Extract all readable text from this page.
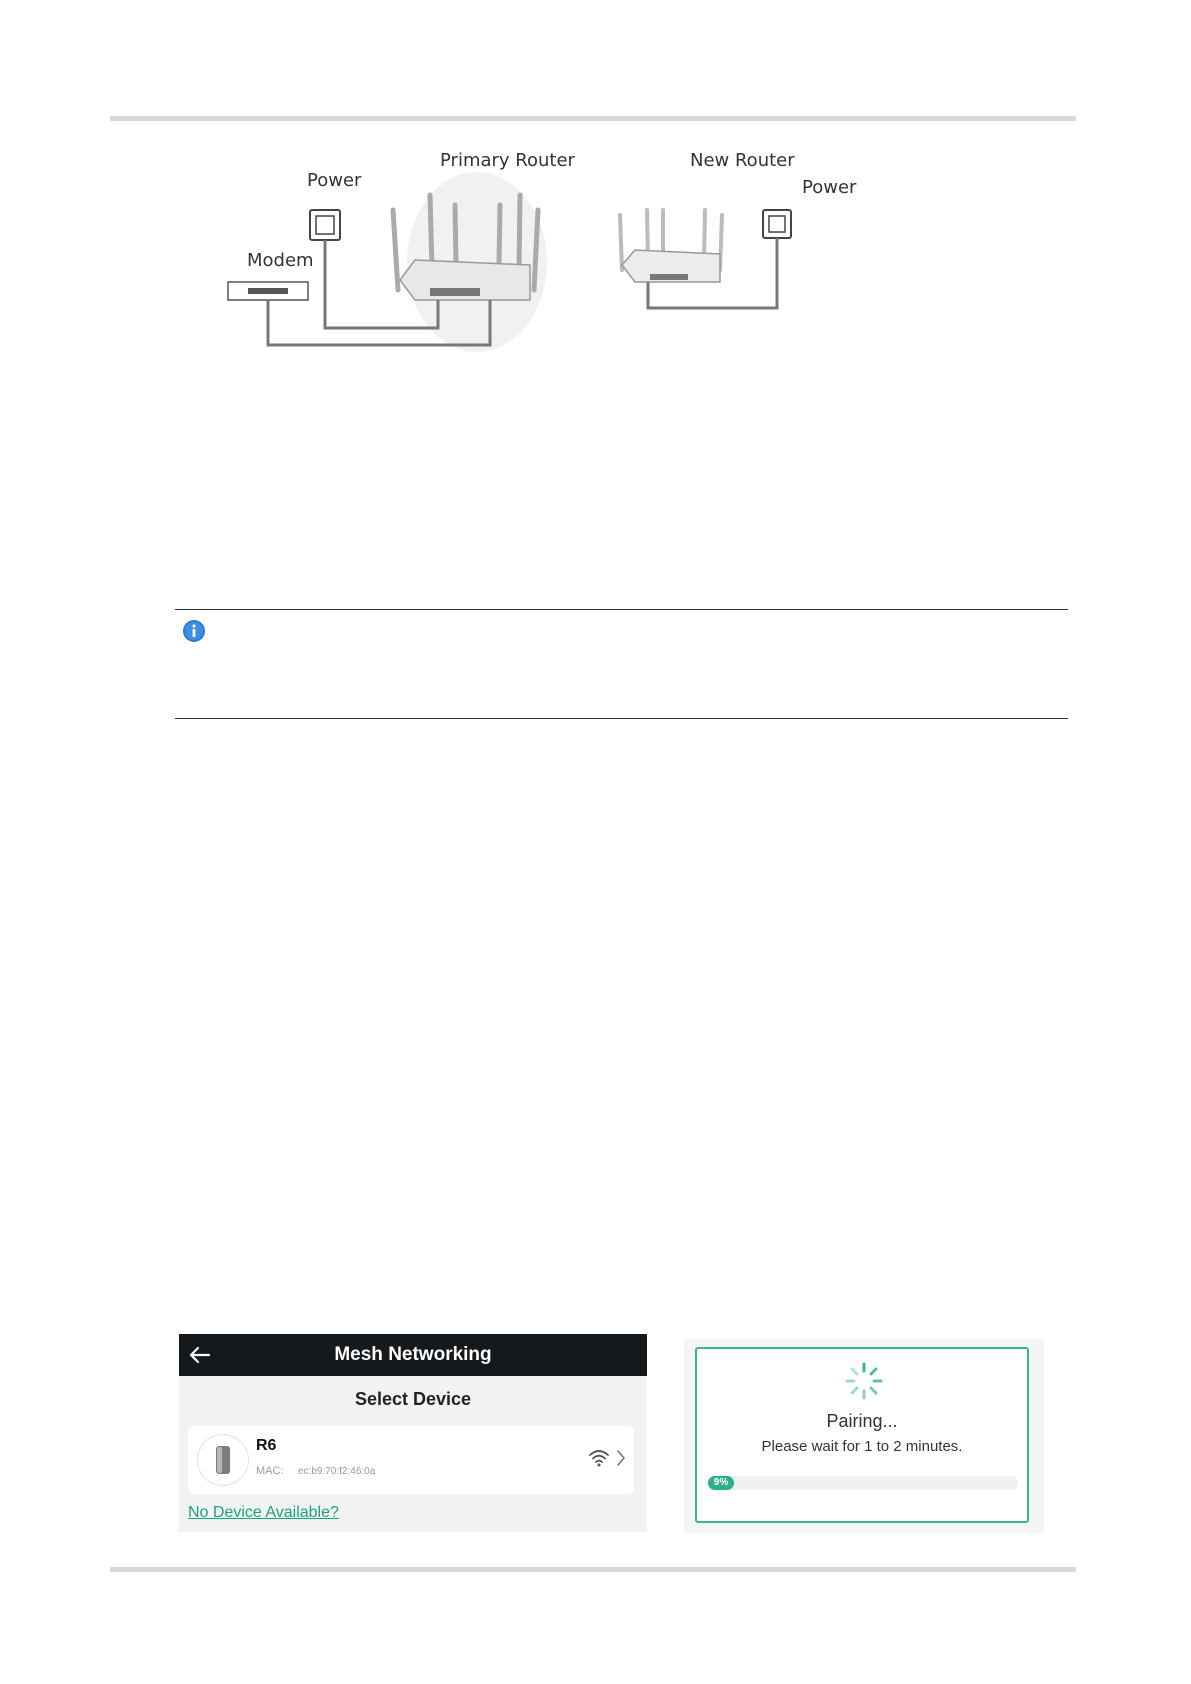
Primary Router	New Router
Power	Power
Modem
Mesh Networking
Select Device
R6
MAC: ec:b9:70:f2:46:0a
No Device Available?
Pairing...
Please wait for 1 to 2 minutes.
9%
